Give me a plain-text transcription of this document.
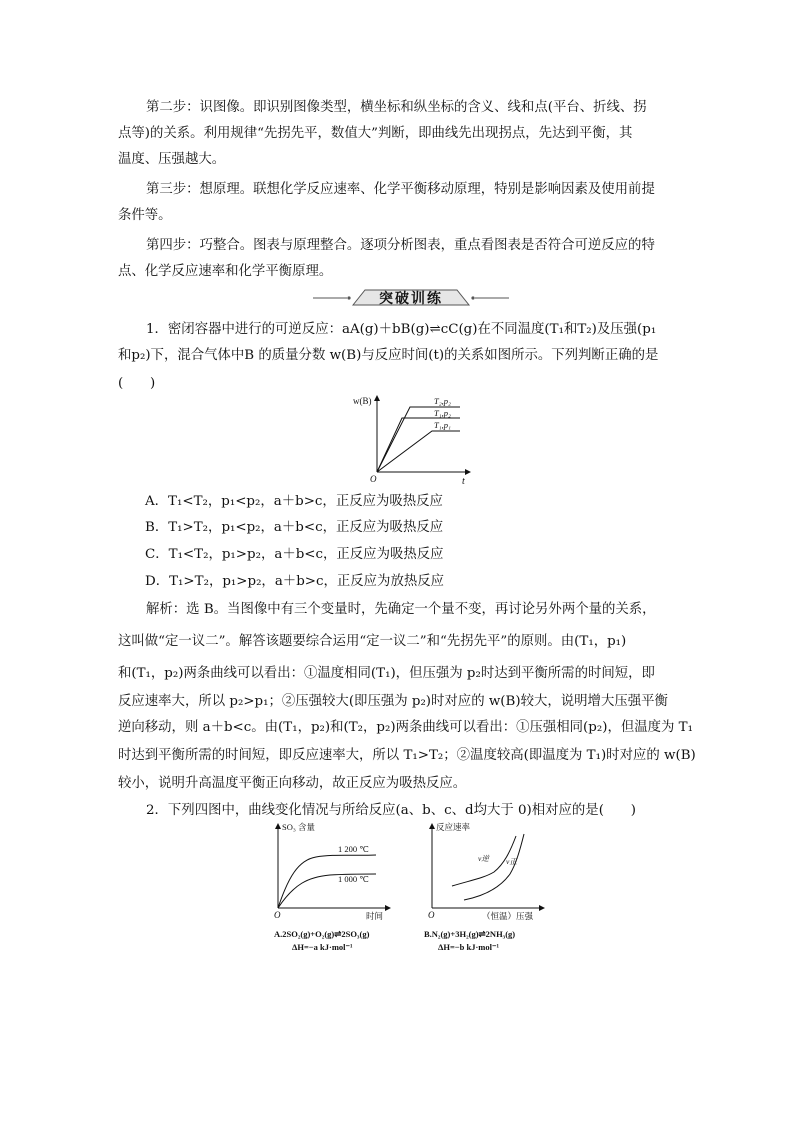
第二步：识图像。即识别图像类型，横坐标和纵坐标的含义、线和点(平台、折线、拐
点等)的关系。利用规律“先拐先平，数值大”判断，即曲线先出现拐点，先达到平衡，其
温度、压强越大。
第三步：想原理。联想化学反应速率、化学平衡移动原理，特别是影响因素及使用前提
条件等。
第四步：巧整合。图表与原理整合。逐项分析图表，重点看图表是否符合可逆反应的特
点、化学反应速率和化学平衡原理。
突破训练
1．密闭容器中进行的可逆反应：aA(g)＋bB(g)⇌cC(g)在不同温度(T₁和T₂)及压强(p₁
和p₂)下，混合气体中B 的质量分数 w(B)与反应时间(t)的关系如图所示。下列判断正确的是
(　　)
w(B)
t
O
T₂,p₂
T₁,p₂
T₁,p₁
A．T₁<T₂，p₁<p₂，a＋b>c，正反应为吸热反应
B．T₁>T₂，p₁<p₂，a＋b<c，正反应为吸热反应
C．T₁<T₂，p₁>p₂，a＋b<c，正反应为吸热反应
D．T₁>T₂，p₁>p₂，a＋b>c，正反应为放热反应
解析：选 B。当图像中有三个变量时，先确定一个量不变，再讨论另外两个量的关系，
这叫做“定一议二”。解答该题要综合运用“定一议二”和“先拐先平”的原则。由(T₁，p₁)
和(T₁，p₂)两条曲线可以看出：①温度相同(T₁)，但压强为 p₂时达到平衡所需的时间短，即
反应速率大，所以 p₂>p₁；②压强较大(即压强为 p₂)时对应的 w(B)较大，说明增大压强平衡
逆向移动，则 a＋b<c。由(T₁，p₂)和(T₂，p₂)两条曲线可以看出：①压强相同(p₂)，但温度为 T₁
时达到平衡所需的时间短，即反应速率大，所以 T₁>T₂；②温度较高(即温度为 T₁)时对应的 w(B)
较小，说明升高温度平衡正向移动，故正反应为吸热反应。
2．下列四图中，曲线变化情况与所给反应(a、b、c、d均大于 0)相对应的是(　　)
SO₃ 含量
时间
O
1 200 ℃
1 000 ℃
A.2SO₂(g)+O₂(g)⇌2SO₃(g)
ΔH=−a kJ·mol⁻¹
反应速率
（恒温）压强
O
v逆 v正
B.N₂(g)+3H₂(g)⇌2NH₃(g)
ΔH=−b kJ·mol⁻¹
